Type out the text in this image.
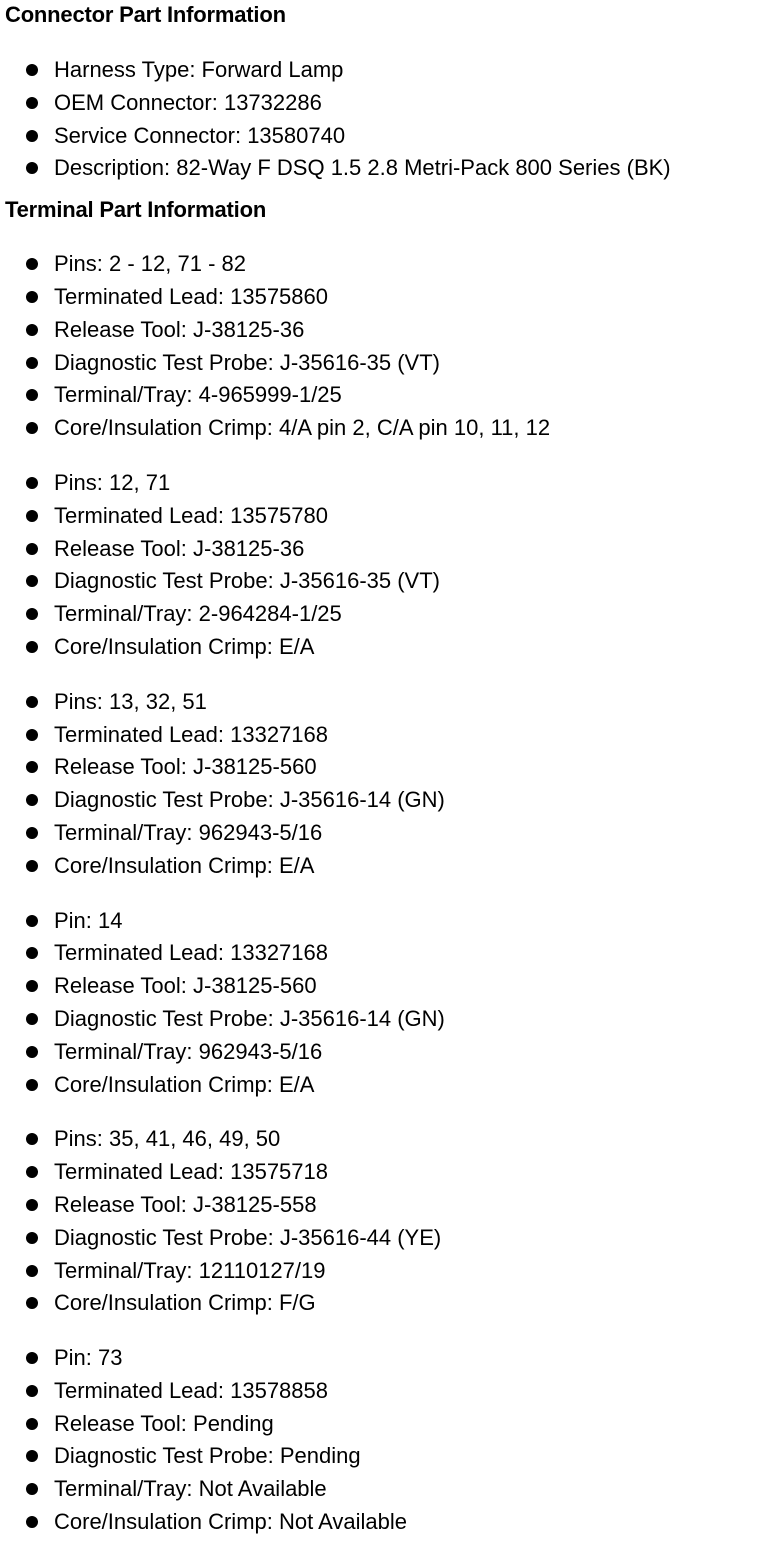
Connector Part Information
Harness Type: Forward Lamp
OEM Connector: 13732286
Service Connector: 13580740
Description: 82-Way F DSQ 1.5 2.8 Metri-Pack 800 Series (BK)
Terminal Part Information
Pins: 2 - 12, 71 - 82
Terminated Lead: 13575860
Release Tool: J-38125-36
Diagnostic Test Probe: J-35616-35 (VT)
Terminal/Tray: 4-965999-1/25
Core/Insulation Crimp: 4/A pin 2, C/A pin 10, 11, 12
Pins: 12, 71
Terminated Lead: 13575780
Release Tool: J-38125-36
Diagnostic Test Probe: J-35616-35 (VT)
Terminal/Tray: 2-964284-1/25
Core/Insulation Crimp: E/A
Pins: 13, 32, 51
Terminated Lead: 13327168
Release Tool: J-38125-560
Diagnostic Test Probe: J-35616-14 (GN)
Terminal/Tray: 962943-5/16
Core/Insulation Crimp: E/A
Pin: 14
Terminated Lead: 13327168
Release Tool: J-38125-560
Diagnostic Test Probe: J-35616-14 (GN)
Terminal/Tray: 962943-5/16
Core/Insulation Crimp: E/A
Pins: 35, 41, 46, 49, 50
Terminated Lead: 13575718
Release Tool: J-38125-558
Diagnostic Test Probe: J-35616-44 (YE)
Terminal/Tray: 12110127/19
Core/Insulation Crimp: F/G
Pin: 73
Terminated Lead: 13578858
Release Tool: Pending
Diagnostic Test Probe: Pending
Terminal/Tray: Not Available
Core/Insulation Crimp: Not Available
